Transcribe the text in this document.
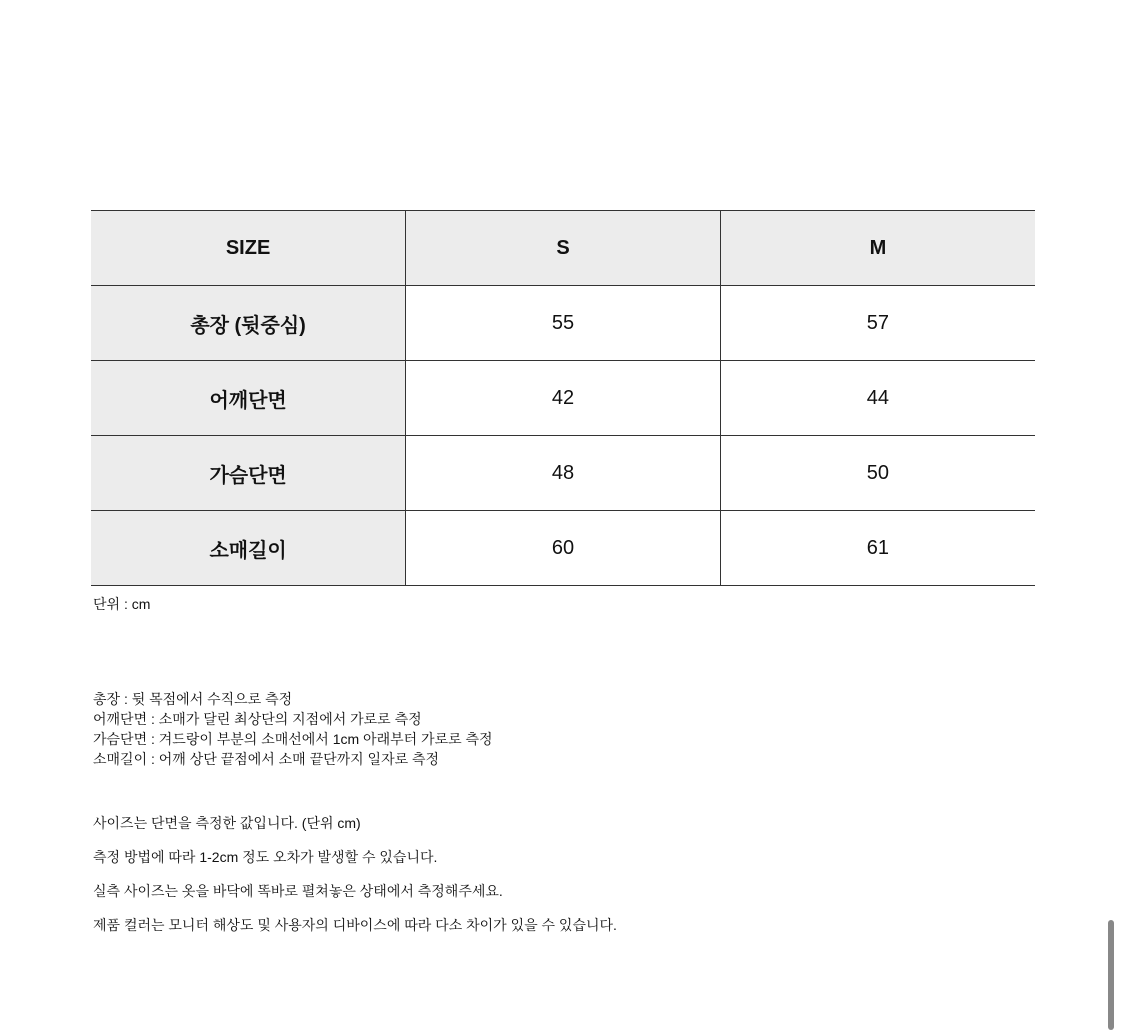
SIZE	S	M
총장 (뒷중심)	55	57
어깨단면	42	44
가슴단면	48	50
소매길이	60	61
단위 : cm
총장 : 뒷 목점에서 수직으로 측정
어깨단면 : 소매가 달린 최상단의 지점에서 가로로 측정
가슴단면 : 겨드랑이 부분의 소매선에서 1cm 아래부터 가로로 측정
소매길이 : 어깨 상단 끝점에서 소매 끝단까지 일자로 측정
사이즈는 단면을 측정한 값입니다. (단위 cm)
측정 방법에 따라 1-2cm 정도 오차가 발생할 수 있습니다.
실측 사이즈는 옷을 바닥에 똑바로 펼쳐놓은 상태에서 측정해주세요.
제품 컬러는 모니터 해상도 및 사용자의 디바이스에 따라 다소 차이가 있을 수 있습니다.
